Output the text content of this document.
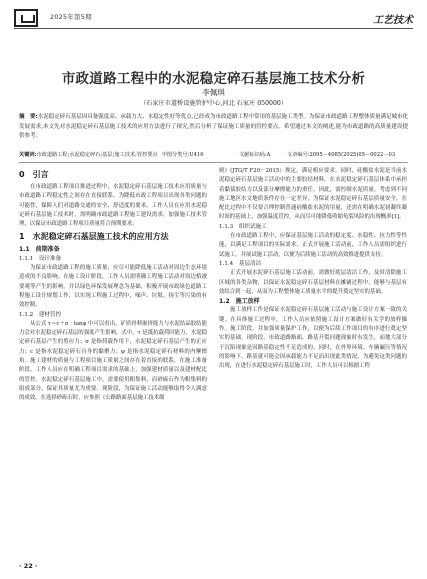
2025年第5期	工艺技术
市政道路工程中的水泥稳定碎石基层施工技术分析
李佩琪
（石家庄市道桥设施管护中心,河北 石家庄 050000）
摘　要:水泥稳定碎石基层因具备强度高、承载力大、水稳定性好等优点,已经成为市政道路工程中常用的基层施工类型。为保证市政道路工程整体质量满足城市化发展需求,本文先对水泥稳定碎石基层施工技术的应用方法进行了探究,然后分析了保证施工质量的管控要点。希望通过本文的阐述,能为市政道路的高质量建设提供参考。
关键词:市政道路工程;水泥稳定碎石;基层;施工技术;管控要点 中图分类号:U416	文献标识码:A	文章编号:2095－4085(2025)05－0022－03
0　引言
在市政道路工程项目推进过程中，水泥稳定碎石基层施工技术应用质量与市政道路工程稳定性之间存在直接联系。为降低市政工程项目出现各类问题的可能性，保障人们对道路交通的安全、舒适度的要求，工作人员在应用水泥稳定碎石基层施工技术时，需明确市政道路工程施工建设需求，加强施工技术管理，以保证市政道路工程项目质量符合预期要求。
1　水泥稳定碎石基层施工技术的应用方法
1.1　前期准备
1.1.1　设计准备
为保证市政道路工程的施工质量，应尽可能降低施工活动对周边生态环境造成的不良影响。在施工设计阶段，工作人员需明确工程施工活动对周边植被要观等产生的影响，并以绿色环保发展理念为基础，积极开展市政绿色道路工程施工设计规划工作，以实现工程施工过程中，噪声、垃圾、扬尘等污染的有效控制。
1.1.2　建材管控
从公式 τ＝c＋σ · tanφ 中可以看出，矿质骨料嵌挤能力与水泥结晶胶结能力会对水泥稳定碎石基层的强度产生影响，式中，τ 是抵抗载荷时能力，水泥稳定碎石基层产生的剪应力；σ 是指荷载作用下，水泥稳定碎石基层产生的正应力；c 是指水泥稳定碎石自身的黏聚力；φ 是指水泥稳定碎石材料的内摩擦角。施工建材的质量与工程项目施工质量之间存在着直接的联系，在施工准备阶段，工作人员应在明确工程项目需求的基础上，加强建材质量以及建材配比的管控。水泥稳定碎石基层施工中，需要使用粗集料，而砂砾石作为粗集料的组成部分，保证其质量尤为重要。现阶段，为保证施工活动能够取得令人满意的成效，在选择砂砾石时，应参照《公路路面基层施工技术细
则》(JTG/T F20－2015）规定，满足相应要求。同时，硅酸盐水泥是当前水泥稳定碎石基层施工活动中的主要胶结材料，在水泥稳定碎石基层体系中承担着黏债胶结力以及部分摩擦能力的重任。因此，需控制水泥质量。考虑到不同施工地区水文地质条件存在一定差异，为保证水泥稳定碎石基层质量安全，在配比过程中不仅要合理控制普通硅酸盐水泥的用量，还需在明确水泥初凝终凝时间的基础上，加强温度管控，从而尽可能降低收缩龟裂风险的出现概率[1]。
1.1.3　组织试施工
在市政道路工程中，应保证基层施工活动的稳定度、水稳性、抗力性等性能，以满足工程项目的实际需求。正式开展施工活动前，工作人员需组织进行试施工，并展试施工活动，以便为后续施工活动的高效推进提供支持。
1.1.4　基层清洁
正式开展水泥碎石基层施工活动前，需做好底层清洁工作，及时清除施工区域的各类杂物，以保证水泥稳定碎石基层材料在摊铺过程中，能够与基层有效结合到一起，从而为工程整体施工质量水平的提升奠定坚实的基础。
1.2　施工放样
施工放样工作是保证水泥稳定碎石基层施工活动与施工设计方案一致的关键。在具体施工过程中，工作人员应依照施工设计方案做好有关学的放样操作。施工阶段，并加强质量保护工作，以便为后续工作项目的有序进行奠定坚实的基础。现阶段，市政道路路面、路基开裂问题现象时有发生，而地大部分于沉陷现象是因路基稳定性不足造成的。同时，在外界环境、车辆碾压等情况的影响下，路基就可能会因承载能力不足而出现此类情况。为避免这类问题的出现，在进行水泥稳定碎石基层施工时，工作人员可以根据工程
· 22 ·
